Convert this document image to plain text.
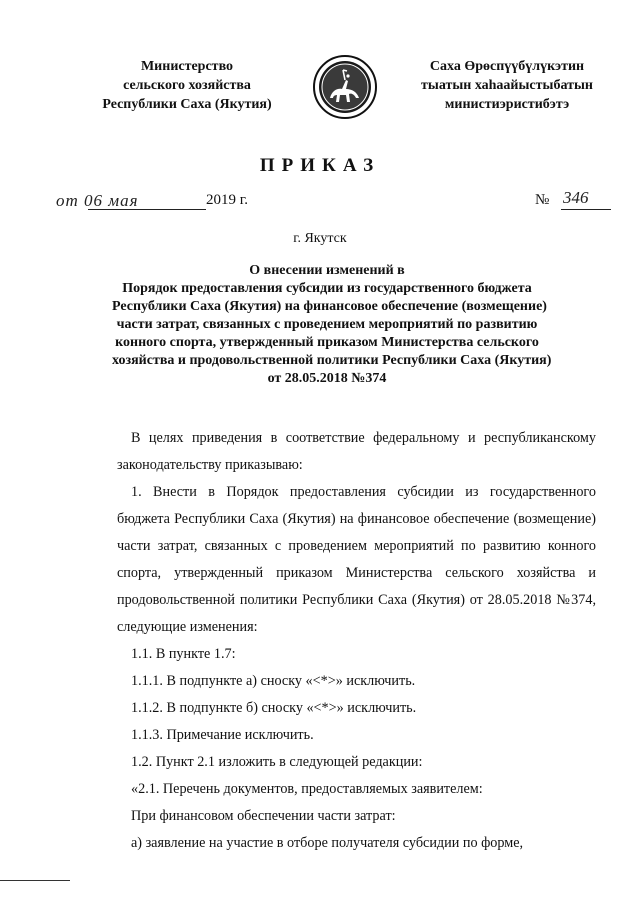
Министерство
сельского хозяйства
Республики Саха (Якутия)
Саха Өрөспүүбүлүкэтин
тыатын хаһаайыстыбатын
министиэристибэтэ
ПРИКАЗ
от 06 мая	2019 г.	№ 346
г. Якутск
О внесении изменений в
Порядок предоставления субсидии из государственного бюджета
Республики Саха (Якутия) на финансовое обеспечение (возмещение)
части затрат, связанных с проведением мероприятий по развитию
конного спорта, утвержденный приказом Министерства сельского
хозяйства и продовольственной политики Республики Саха (Якутия)
от 28.05.2018 №374

В целях приведения в соответствие федеральному и республиканскому законодательству приказываю:

1. Внести в Порядок предоставления субсидии из государственного бюджета Республики Саха (Якутия) на финансовое обеспечение (возмещение) части затрат, связанных с проведением мероприятий по развитию конного спорта, утвержденный приказом Министерства сельского хозяйства и продовольственной политики Республики Саха (Якутия) от 28.05.2018 №374, следующие изменения:

1.1. В пункте 1.7:

1.1.1. В подпункте а) сноску «<*>» исключить.

1.1.2. В подпункте б) сноску «<*>» исключить.

1.1.3. Примечание исключить.

1.2. Пункт 2.1 изложить в следующей редакции:

«2.1. Перечень документов, предоставляемых заявителем:

При финансовом обеспечении части затрат:

а) заявление на участие в отборе получателя субсидии по форме,
